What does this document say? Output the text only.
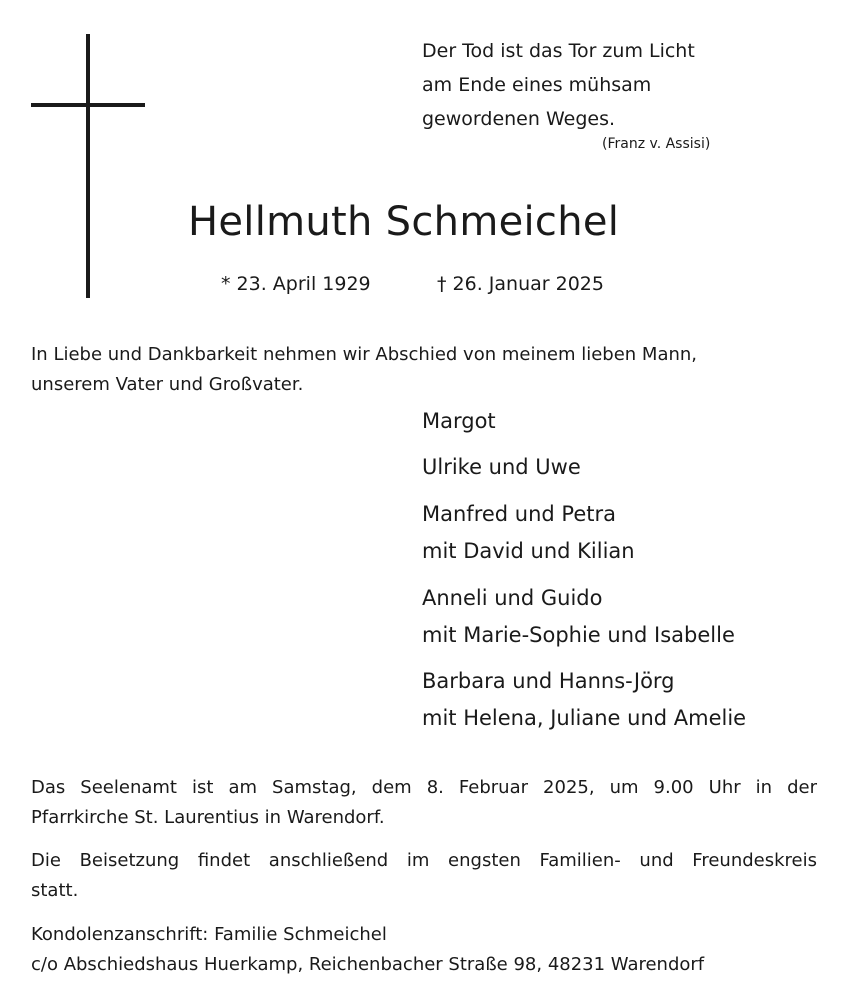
Der Tod ist das Tor zum Licht
am Ende eines mühsam
gewordenen Weges.
(Franz v. Assisi)
Hellmuth Schmeichel
* 23. April 1929	† 26. Januar 2025
In Liebe und Dankbarkeit nehmen wir Abschied von meinem lieben Mann,
unserem Vater und Großvater.
Margot
Ulrike und Uwe
Manfred und Petra
mit David und Kilian
Anneli und Guido
mit Marie-Sophie und Isabelle
Barbara und Hanns-Jörg
mit Helena, Juliane und Amelie
Das Seelenamt ist am Samstag, dem 8. Februar 2025, um 9.00 Uhr in der
Pfarrkirche St. Laurentius in Warendorf.
Die Beisetzung findet anschließend im engsten Familien- und Freundeskreis
statt.
Kondolenzanschrift: Familie Schmeichel
c/o Abschiedshaus Huerkamp, Reichenbacher Straße 98, 48231 Warendorf
